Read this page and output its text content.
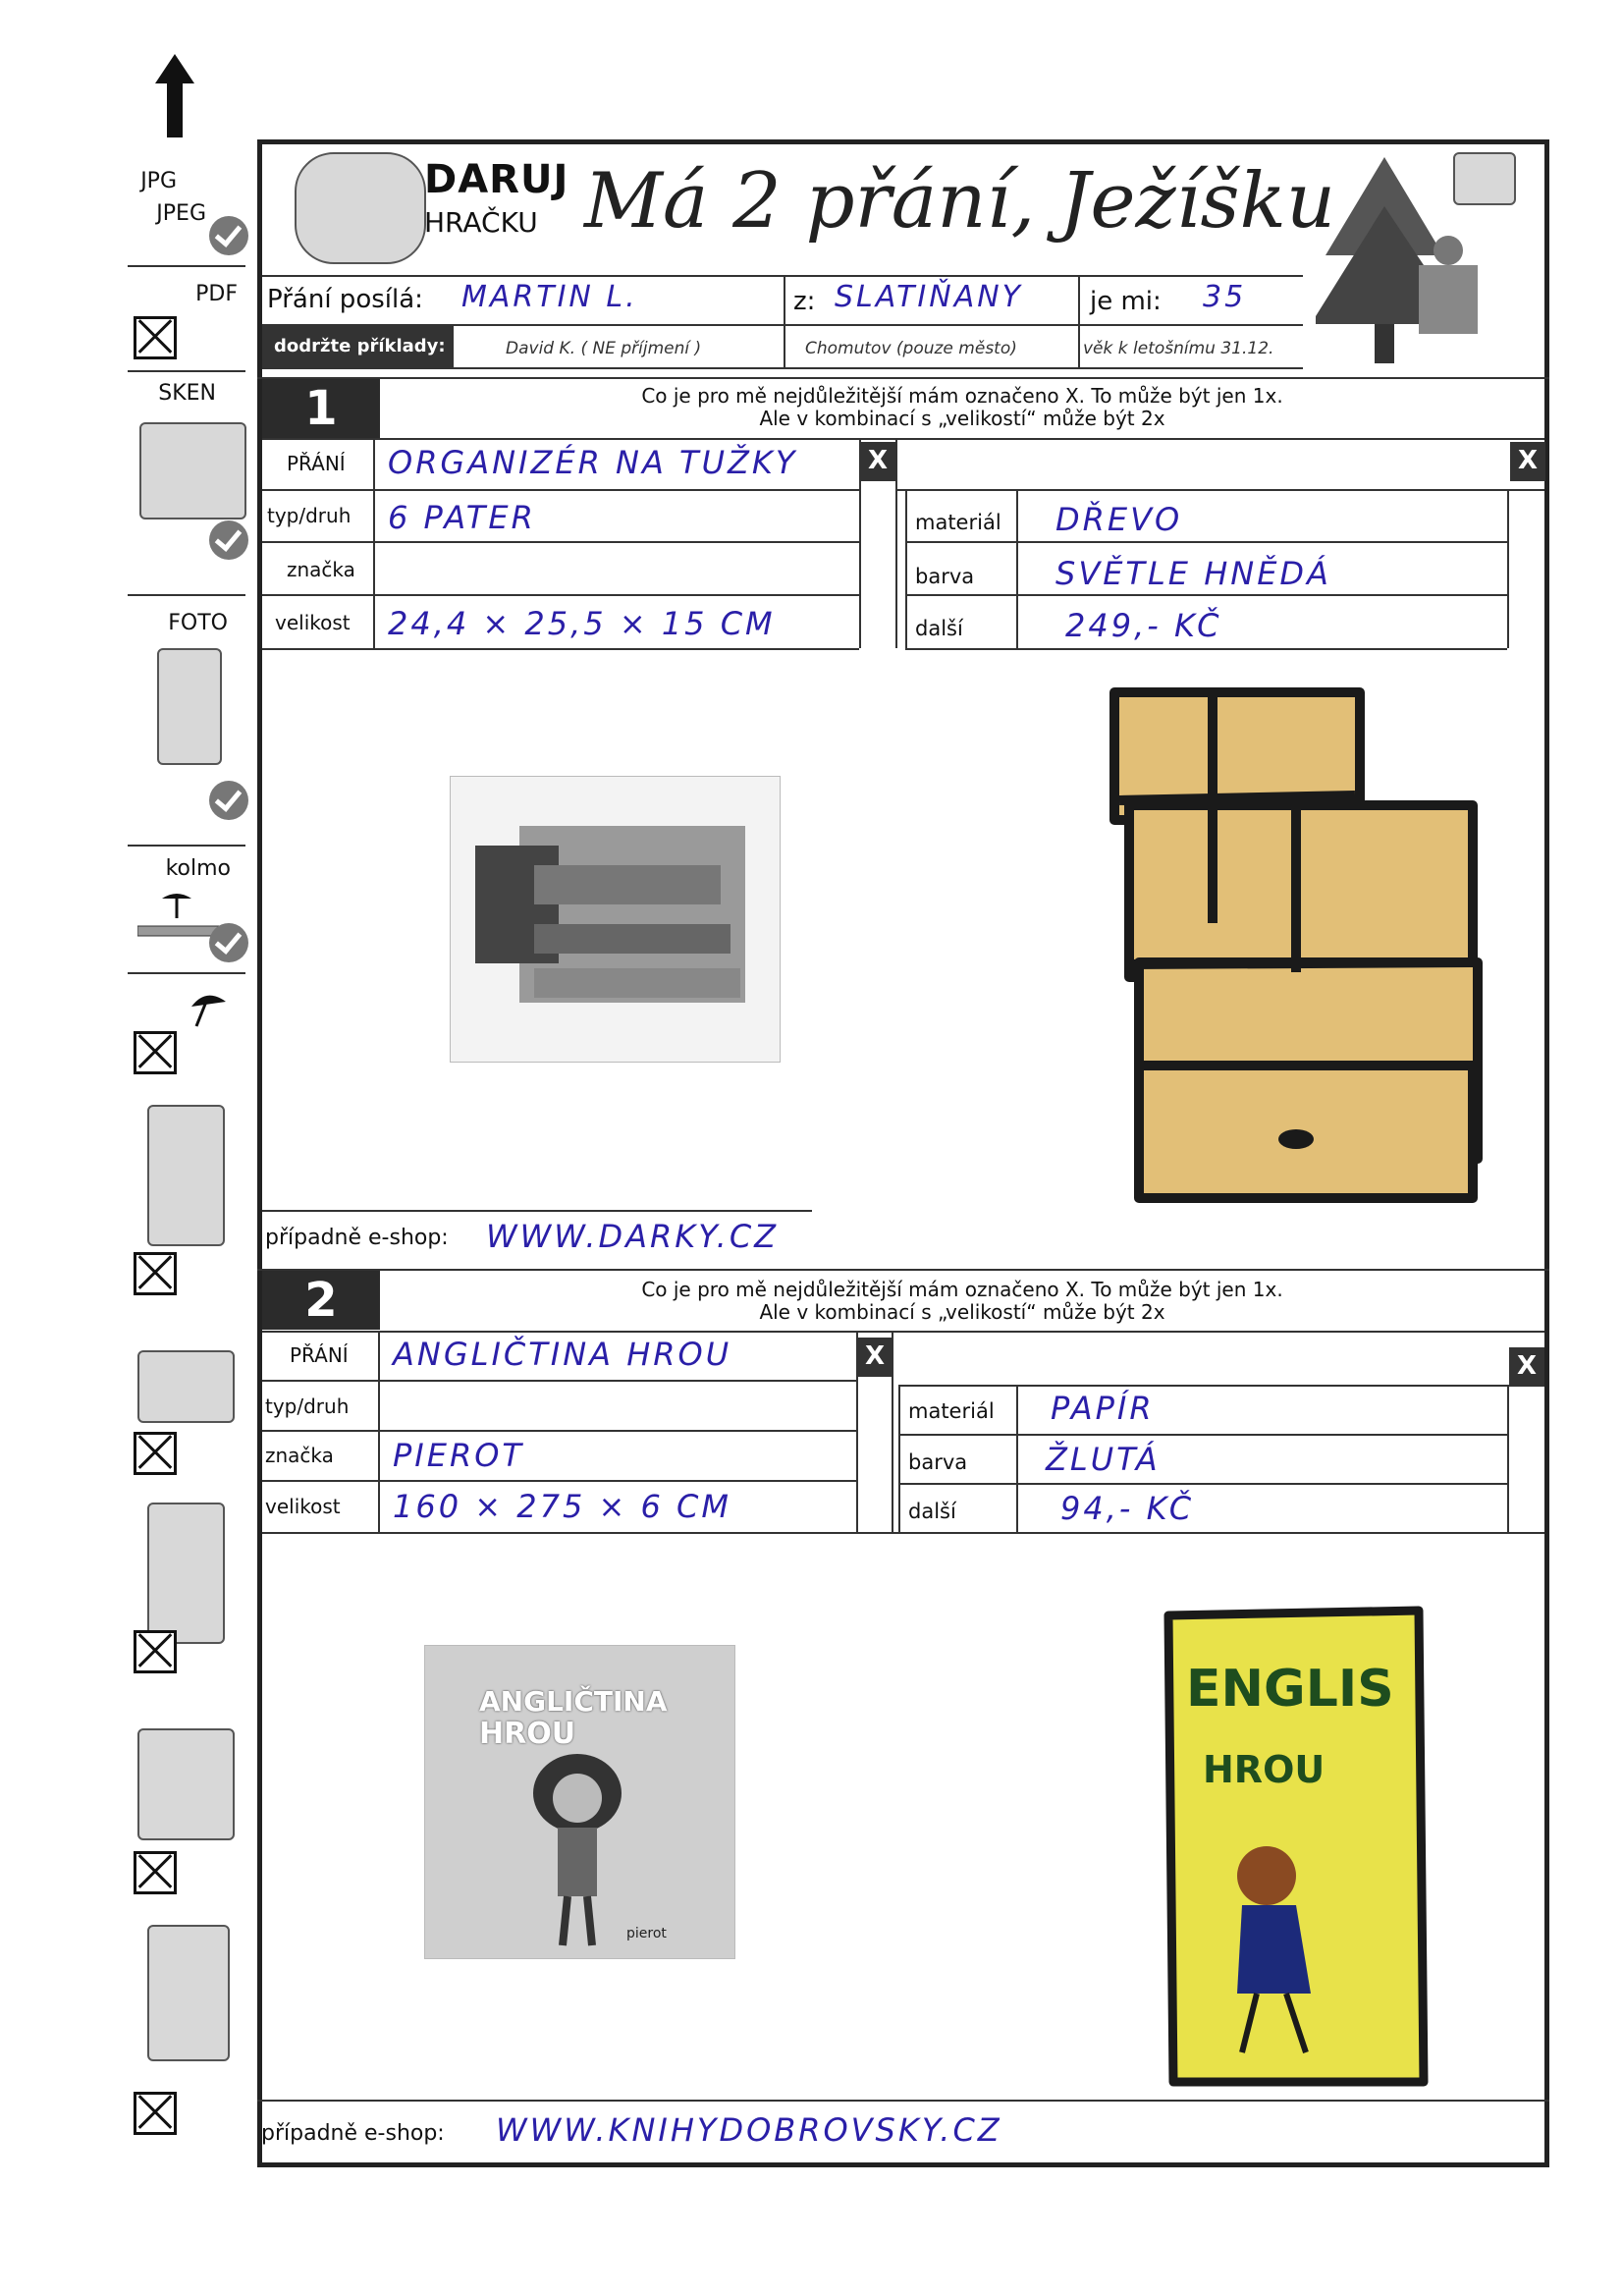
JPG
JPEG
PDF
SKEN
FOTO
kolmo
DARUJ
HRAČKU Má 2 přání, Ježíšku
Přání posílá: MARTIN L.	z: SLATIŇANY	je mi: 35
dodržte příklady:	David K. ( NE příjmení )	Chomutov (pouze město)	věk k letošnímu 31.12.
1	Co je pro mě nejdůležitější mám označeno X. To může být jen 1x.
Ale v kombinací s „velikostí“ může být 2x
X
PŘÁNÍ ORGANIZÉR NA TUŽKY
typ/druh 6 PATER
značka
velikost 24,4 × 25,5 × 15 CM
X
materiál DŘEVO
barva	SVĚTLE HNĚDÁ
další	249,- KČ
případně e-shop: WWW.DARKY.CZ
2	Co je pro mě nejdůležitější mám označeno X. To může být jen 1x.
Ale v kombinací s „velikostí“ může být 2x
X
PŘÁNÍ ANGLIČTINA HROU
typ/druh
značka PIEROT
velikost 160 × 275 × 6 CM
X
materiál PAPÍR
barva ŽLUTÁ
další	94,- KČ
ANGLIČTINA
HROU
pierot
ENGLIS
HROU
případně e-shop: WWW.KNIHYDOBROVSKY.CZ
